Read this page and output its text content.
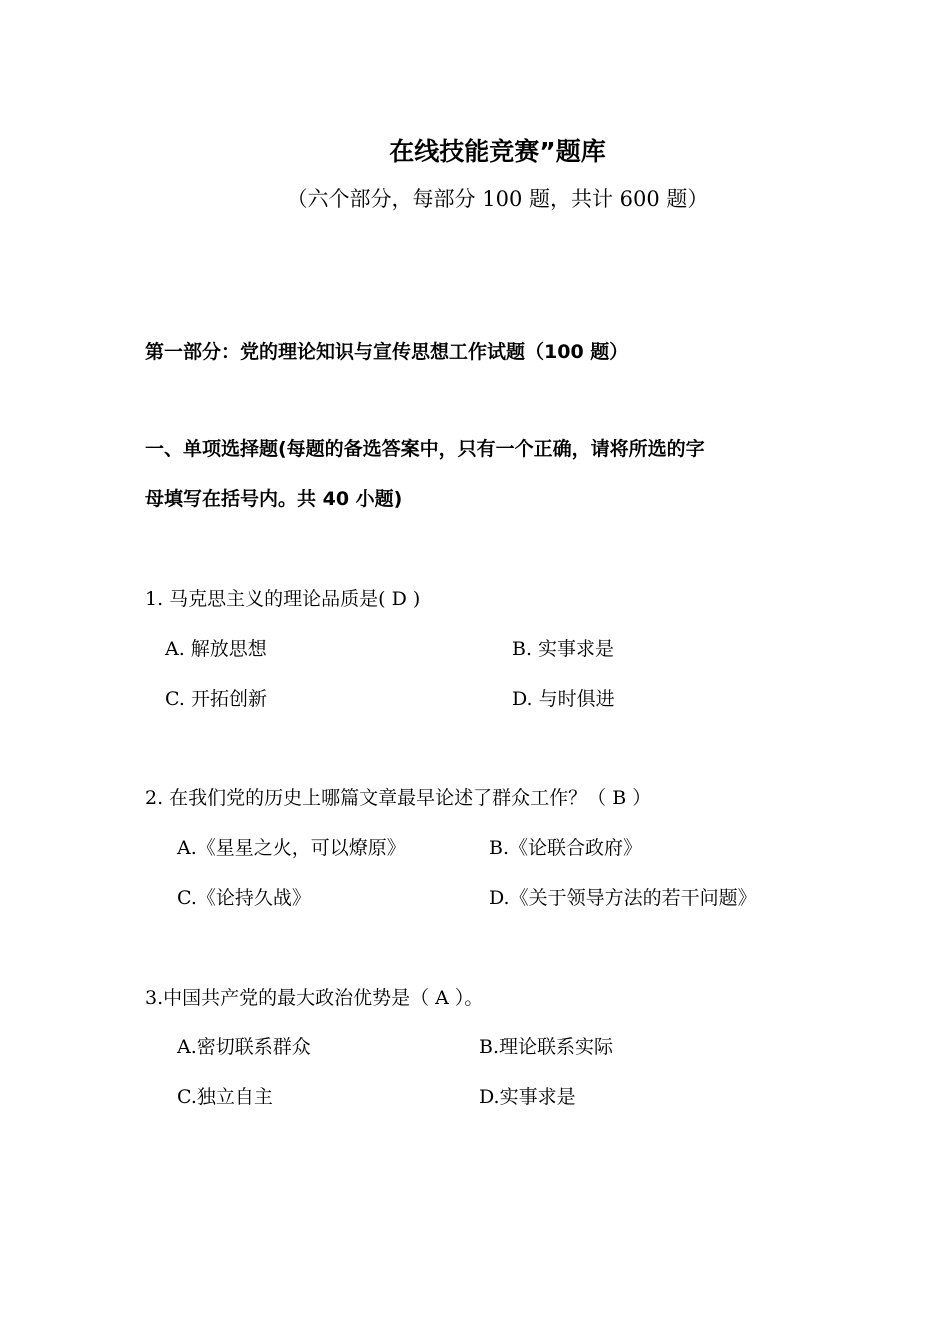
在线技能竞赛”题库
（六个部分，每部分 100 题，共计 600 题）
第一部分：党的理论知识与宣传思想工作试题（100 题）
一、单项选择题(每题的备选答案中，只有一个正确，请将所选的字
母填写在括号内。共 40 小题)
1. 马克思主义的理论品质是( D )
A. 解放思想	B. 实事求是
C. 开拓创新	D. 与时俱进
2. 在我们党的历史上哪篇文章最早论述了群众工作？（ B ）
A.《星星之火，可以燎原》	B.《论联合政府》
C.《论持久战》	D.《关于领导方法的若干问题》
3.中国共产党的最大政治优势是（ A ）。
A.密切联系群众	B.理论联系实际
C.独立自主	D.实事求是
